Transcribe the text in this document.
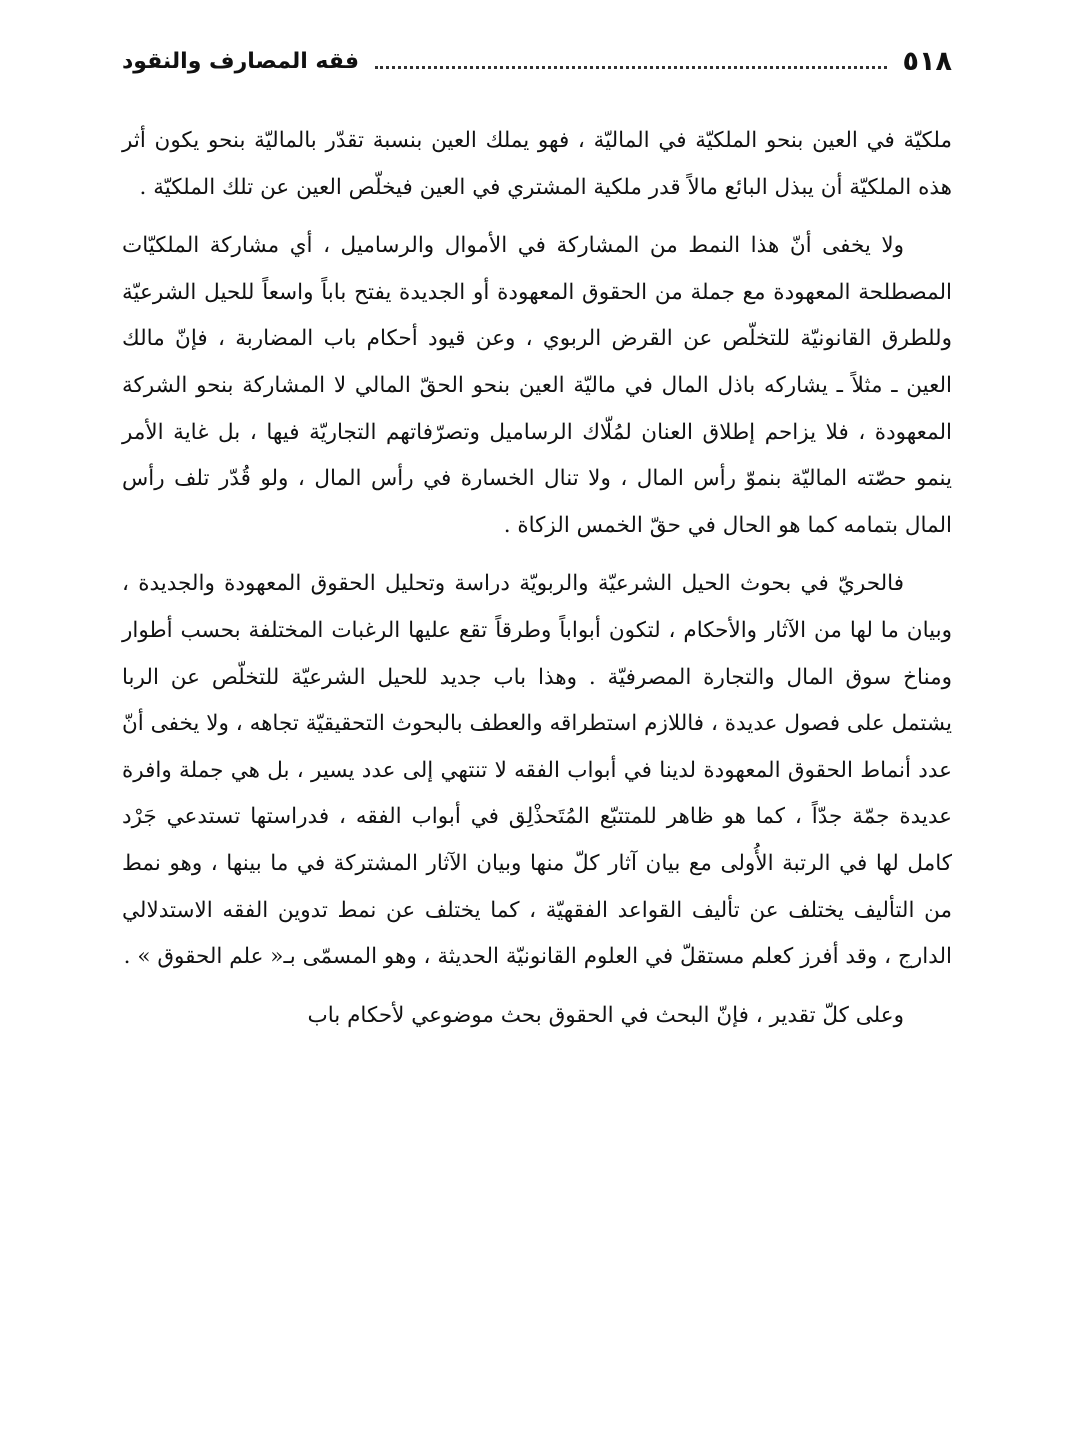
٥١٨
فقه المصارف والنقود

ملكيّة في العين بنحو الملكيّة في الماليّة ، فهو يملك العين بنسبة تقدّر بالماليّة بنحو يكون أثر هذه الملكيّة أن يبذل البائع مالاً قدر ملكية المشتري في العين فيخلّص العين عن تلك الملكيّة .

ولا يخفى أنّ هذا النمط من المشاركة في الأموال والرساميل ، أي مشاركة الملكيّات المصطلحة المعهودة مع جملة من الحقوق المعهودة أو الجديدة يفتح باباً واسعاً للحيل الشرعيّة وللطرق القانونيّة للتخلّص عن القرض الربوي ، وعن قيود أحكام باب المضاربة ، فإنّ مالك العين ـ مثلاً ـ يشاركه باذل المال في ماليّة العين بنحو الحقّ المالي لا المشاركة بنحو الشركة المعهودة ، فلا يزاحم إطلاق العنان لمُلّاك الرساميل وتصرّفاتهم التجاريّة فيها ، بل غاية الأمر ينمو حصّته الماليّة بنموّ رأس المال ، ولا تنال الخسارة في رأس المال ، ولو قُدّر تلف رأس المال بتمامه كما هو الحال في حقّ الخمس الزكاة .

فالحريّ في بحوث الحيل الشرعيّة والربويّة دراسة وتحليل الحقوق المعهودة والجديدة ، وبيان ما لها من الآثار والأحكام ، لتكون أبواباً وطرقاً تقع عليها الرغبات المختلفة بحسب أطوار ومناخ سوق المال والتجارة المصرفيّة . وهذا باب جديد للحيل الشرعيّة للتخلّص عن الربا يشتمل على فصول عديدة ، فاللازم استطراقه والعطف بالبحوث التحقيقيّة تجاهه ، ولا يخفى أنّ عدد أنماط الحقوق المعهودة لدينا في أبواب الفقه لا تنتهي إلى عدد يسير ، بل هي جملة وافرة عديدة جمّة جدّاً ، كما هو ظاهر للمتتبّع المُتَحذْلِق في أبواب الفقه ، فدراستها تستدعي جَرْد كامل لها في الرتبة الأُولى مع بيان آثار كلّ منها وبيان الآثار المشتركة في ما بينها ، وهو نمط من التأليف يختلف عن تأليف القواعد الفقهيّة ، كما يختلف عن نمط تدوين الفقه الاستدلالي الدارج ، وقد أفرز كعلم مستقلّ في العلوم القانونيّة الحديثة ، وهو المسمّى بـ« علم الحقوق » .

وعلى كلّ تقدير ، فإنّ البحث في الحقوق بحث موضوعي لأحكام باب
